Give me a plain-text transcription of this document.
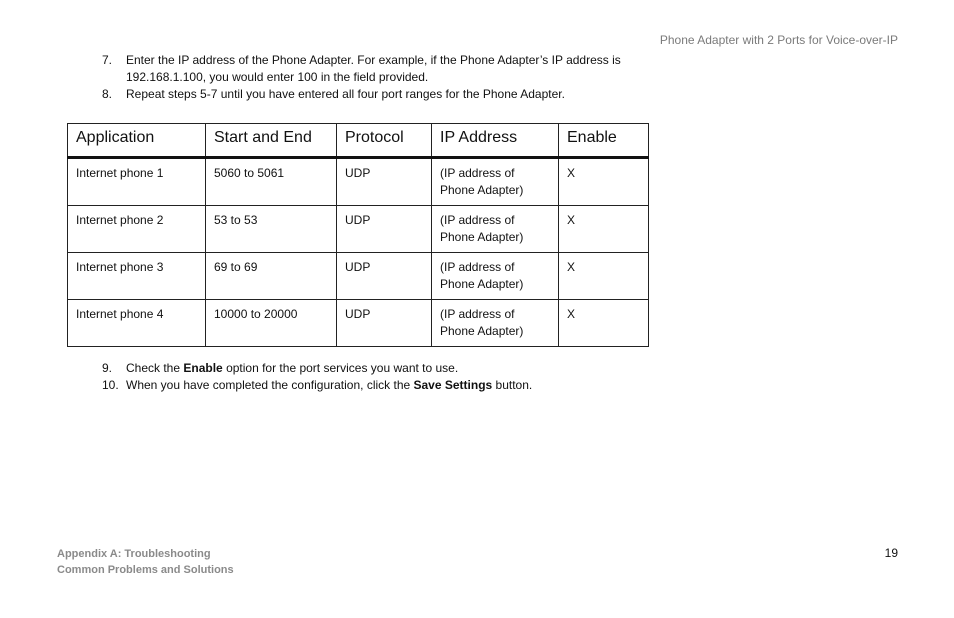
Phone Adapter with 2 Ports for Voice-over-IP
7. Enter the IP address of the Phone Adapter. For example, if the Phone Adapter’s IP address is
192.168.1.100, you would enter 100 in the field provided.
8. Repeat steps 5-7 until you have entered all four port ranges for the Phone Adapter.
Application	Start and End	Protocol	IP Address	Enable
Internet phone 1	5060 to 5061	UDP	(IP address of
Phone Adapter)	X
Internet phone 2	53 to 53	UDP	(IP address of
Phone Adapter)	X
Internet phone 3	69 to 69	UDP	(IP address of
Phone Adapter)	X
Internet phone 4	10000 to 20000	UDP	(IP address of
Phone Adapter)	X
9. Check the Enable option for the port services you want to use.
10. When you have completed the configuration, click the Save Settings button.
Appendix A: Troubleshooting
Common Problems and Solutions
19
